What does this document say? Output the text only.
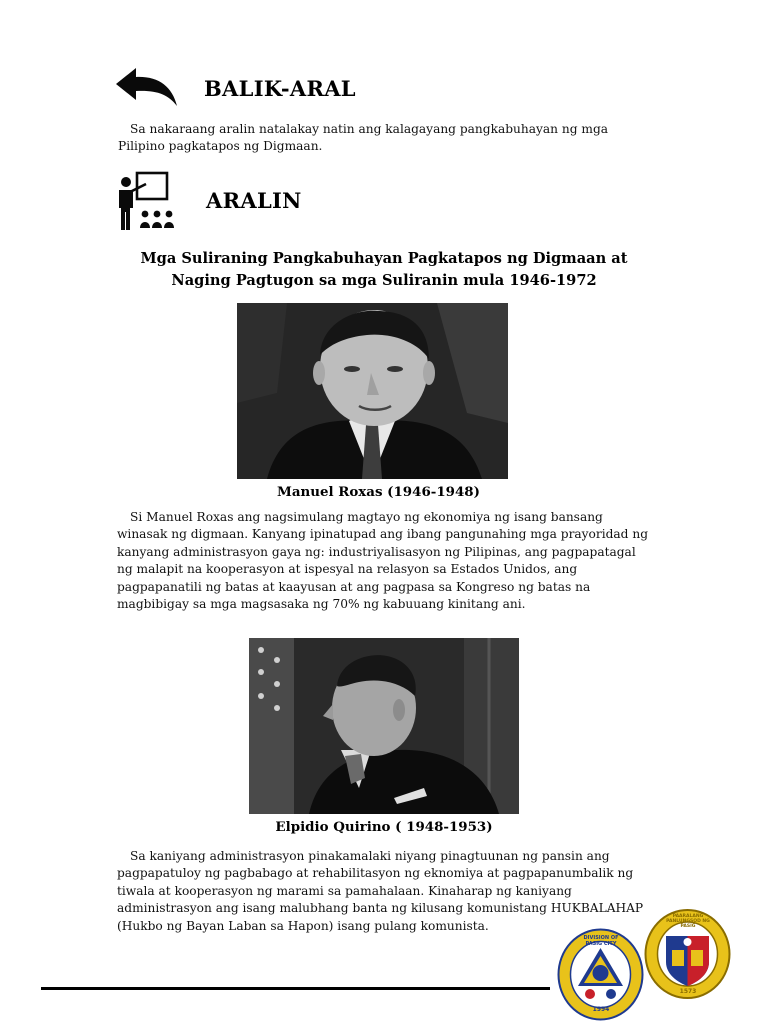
BALIK-ARAL
Sa nakaraang aralin natalakay natin ang kalagayang pangkabuhayan ng mga Pilipino pagkatapos ng Digmaan.
ARALIN
Mga Suliraning Pangkabuhayan Pagkatapos ng Digmaan at
Naging Pagtugon sa mga Suliranin mula 1946-1972
Manuel Roxas (1946-1948)
Si Manuel Roxas ang nagsimulang magtayo ng ekonomiya ng isang bansang winasak ng digmaan. Kanyang ipinatupad ang ibang pangunahing mga prayoridad ng kanyang administrasyon gaya ng: industriyalisasyon ng Pilipinas, ang pagpapatagal ng malapit na kooperasyon at ispesyal na relasyon sa Estados Unidos, ang pagpapanatili ng batas at kaayusan at ang pagpasa sa Kongreso ng batas na magbibigay sa mga magsasaka ng 70% ng kabuuang kinitang ani.
Elpidio Quirino ( 1948-1953)
Sa kaniyang administrasyon pinakamalaki niyang pinagtuunan ng pansin ang pagpapatuloy ng pagbabago at rehabilitasyon ng eknomiya at pagpapanumbalik ng tiwala at kooperasyon ng marami sa pamahalaan. Kinaharap ng kaniyang administrasyon ang isang malubhang banta ng kilusang komunistang HUKBALAHAP (Hukbo ng Bayan Laban sa Hapon) isang pulang komunista.
DIVISION OF PASIG CITY
1994
PAARALANG PANLUNGSOD NG PASIG
1573
